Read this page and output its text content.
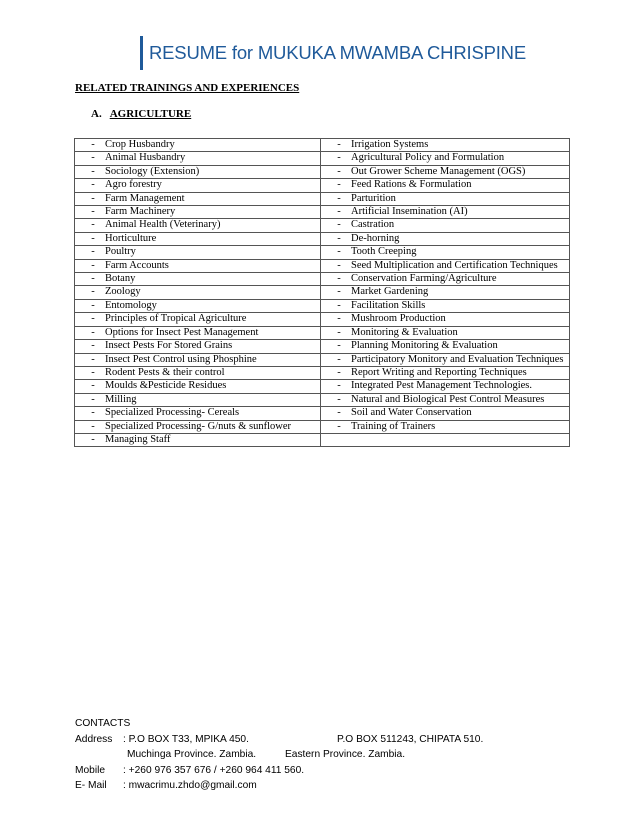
RESUME for MUKUKA MWAMBA CHRISPINE
RELATED TRAININGS AND EXPERIENCES
A. AGRICULTURE
- Crop Husbandry	- Irrigation Systems

- Animal Husbandry	- Agricultural Policy and Formulation

- Sociology (Extension)	- Out Grower Scheme Management (OGS)

- Agro forestry	- Feed Rations & Formulation

- Farm Management	- Parturition

- Farm Machinery	- Artificial Insemination (AI)

- Animal Health (Veterinary)	- Castration

- Horticulture	- De-horning

- Poultry	- Tooth Creeping

- Farm Accounts	- Seed Multiplication and Certification Techniques

- Botany	- Conservation Farming/Agriculture

- Zoology	- Market Gardening

- Entomology	- Facilitation Skills

- Principles of Tropical Agriculture	- Mushroom Production

- Options for Insect Pest Management	- Monitoring & Evaluation

- Insect Pests For Stored Grains	- Planning Monitoring & Evaluation

- Insect Pest Control using Phosphine	- Participatory Monitory and Evaluation Techniques

- Rodent Pests & their control	- Report Writing and Reporting Techniques

- Moulds &Pesticide Residues	- Integrated Pest Management Technologies.

- Milling	- Natural and Biological Pest Control Measures

- Specialized Processing- Cereals	- Soil and Water Conservation

- Specialized Processing- G/nuts & sunflower	- Training of Trainers

- Managing Staff	

CONTACTS
Address	: P.O BOX T33, MPIKA 450.	P.O BOX 511243, CHIPATA 510.
Muchinga Province. Zambia.	Eastern Province. Zambia.
Mobile	: +260 976 357 676 / +260 964 411 560.
E- Mail	: mwacrimu.zhdo@gmail.com
